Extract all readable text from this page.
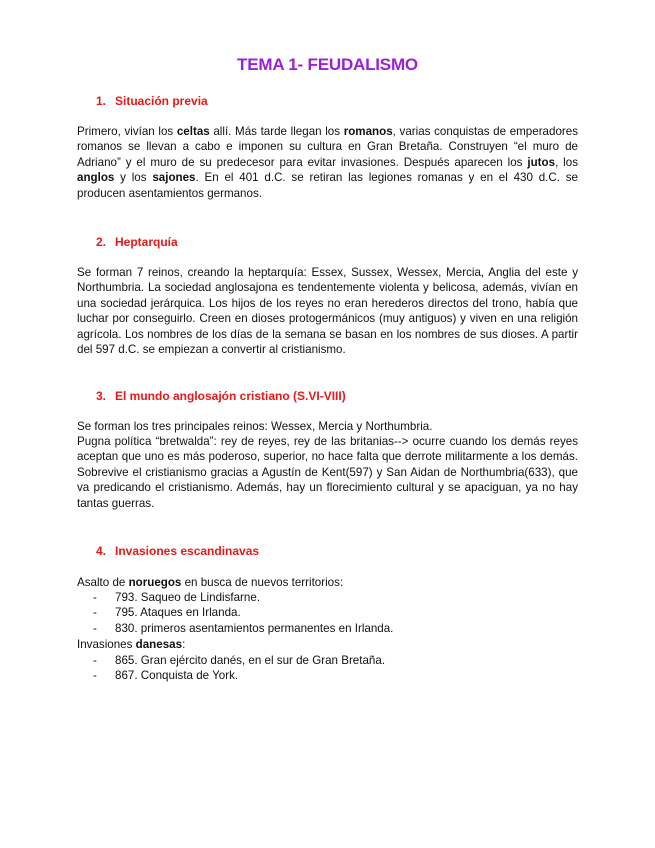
TEMA 1- FEUDALISMO
1. Situación previa

Primero, vivían los celtas allí. Más tarde llegan los romanos, varias conquistas de emperadores romanos se llevan a cabo e imponen su cultura en Gran Bretaña. Construyen “el muro de Adriano” y el muro de su predecesor para evitar invasiones. Después aparecen los jutos, los anglos y los sajones. En el 401 d.C. se retiran las legiones romanas y en el 430 d.C. se producen asentamientos germanos.

2. Heptarquía

Se forman 7 reinos, creando la heptarquía: Essex, Sussex, Wessex, Mercia, Anglia del este y Northumbria. La sociedad anglosajona es tendentemente violenta y belicosa, además, vivían en una sociedad jerárquica. Los hijos de los reyes no eran herederos directos del trono, había que luchar por conseguirlo. Creen en dioses protogermánicos (muy antiguos) y viven en una religión agrícola. Los nombres de los días de la semana se basan en los nombres de sus dioses. A partir del 597 d.C. se empiezan a convertir al cristianismo.

3. El mundo anglosajón cristiano (S.VI-VIII)

Se forman los tres principales reinos: Wessex, Mercia y Northumbria.

Pugna política “bretwalda”: rey de reyes, rey de las britanias--> ocurre cuando los demás reyes aceptan que uno es más poderoso, superior, no hace falta que derrote militarmente a los demás. Sobrevive el cristianismo gracias a Agustín de Kent(597) y San Aidan de Northumbria(633), que va predicando el cristianismo. Además, hay un florecimiento cultural y se apaciguan, ya no hay tantas guerras.

4. Invasiones escandinavas

Asalto de noruegos en busca de nuevos territorios:

- 793. Saqueo de Lindisfarne.
- 795. Ataques en Irlanda.
- 830. primeros asentamientos permanentes en Irlanda.

Invasiones danesas:

- 865. Gran ejército danés, en el sur de Gran Bretaña.
- 867. Conquista de York.
